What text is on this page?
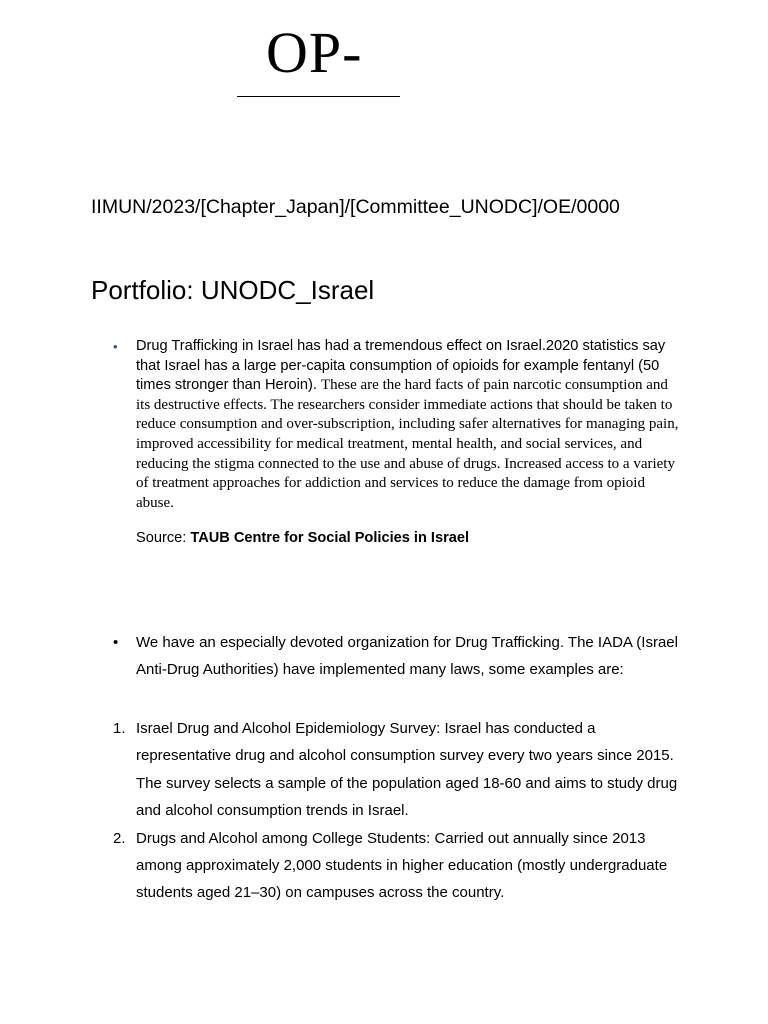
OP-
IIMUN/2023/[Chapter_Japan]/[Committee_UNODC]/OE/0000
Portfolio: UNODC_Israel
• Drug Trafficking in Israel has had a tremendous effect on Israel.2020 statistics say that Israel has a large per-capita consumption of opioids for example fentanyl (50 times stronger than Heroin). These are the hard facts of pain narcotic consumption and its destructive effects. The researchers consider immediate actions that should be taken to reduce consumption and over-subscription, including safer alternatives for managing pain, improved accessibility for medical treatment, mental health, and social services, and reducing the stigma connected to the use and abuse of drugs. Increased access to a variety of treatment approaches for addiction and services to reduce the damage from opioid abuse.
Source: TAUB Centre for Social Policies in Israel
• We have an especially devoted organization for Drug Trafficking. The IADA (Israel Anti-Drug Authorities) have implemented many laws, some examples are:
1. Israel Drug and Alcohol Epidemiology Survey: Israel has conducted a representative drug and alcohol consumption survey every two years since 2015. The survey selects a sample of the population aged 18-60 and aims to study drug and alcohol consumption trends in Israel.
2. Drugs and Alcohol among College Students: Carried out annually since 2013 among approximately 2,000 students in higher education (mostly undergraduate students aged 21–30) on campuses across the country.
